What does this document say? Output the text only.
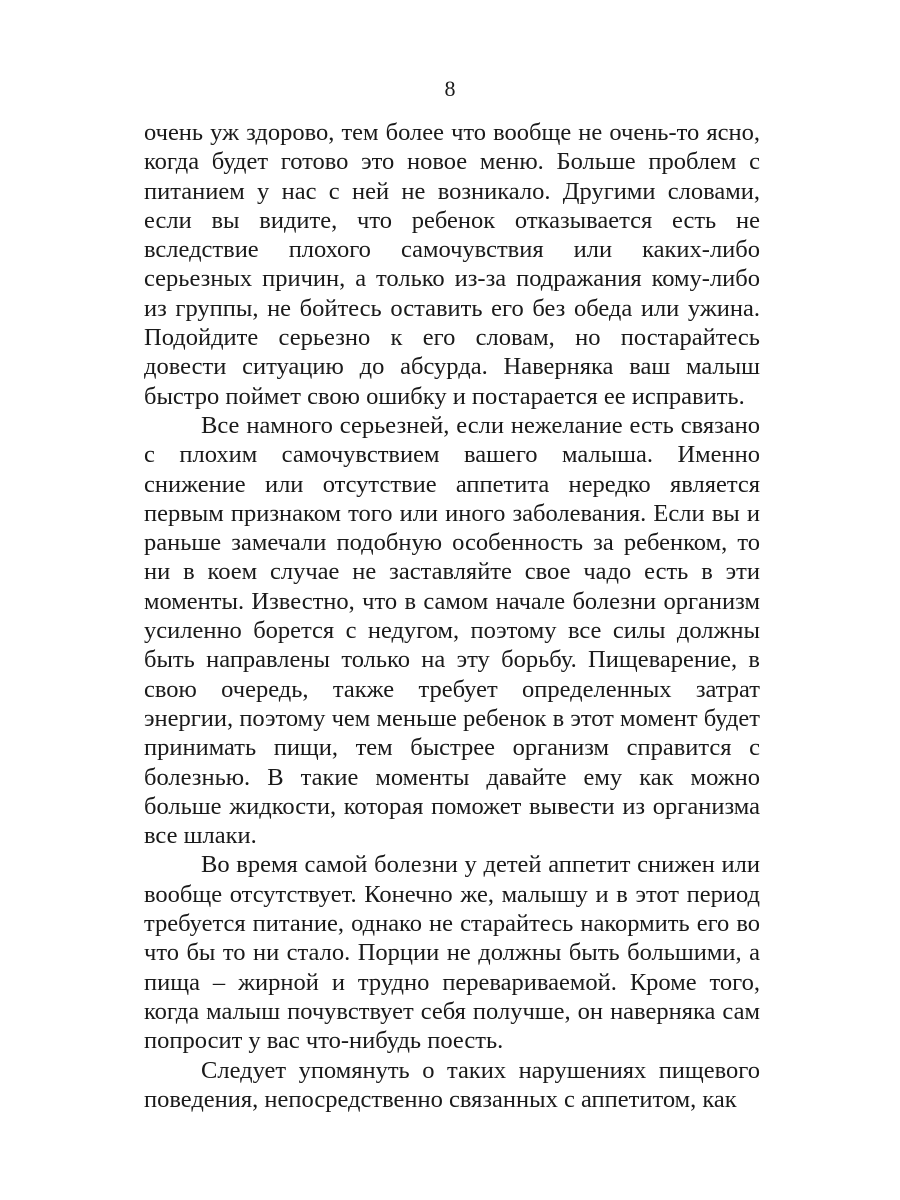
8

очень уж здорово, тем более что вообще не очень-то ясно, когда будет готово это новое меню. Больше проблем с питанием у нас с ней не возникало. Другими словами, если вы видите, что ребенок отказывается есть не вследствие плохого самочувствия или каких-либо серьезных причин, а только из-за подражания кому-либо из группы, не бойтесь оставить его без обеда или ужина. Подойдите серьезно к его словам, но постарайтесь довести ситуацию до абсурда. Наверняка ваш малыш быстро поймет свою ошибку и постарается ее исправить.

Все намного серьезней, если нежелание есть связано с плохим самочувствием вашего малыша. Именно снижение или отсутствие аппетита нередко является первым признаком того или иного заболевания. Если вы и раньше замечали подобную особенность за ребенком, то ни в коем случае не заставляйте свое чадо есть в эти моменты. Известно, что в самом начале болезни организм усиленно борется с недугом, поэтому все силы должны быть направлены только на эту борьбу. Пищеварение, в свою очередь, также требует определенных затрат энергии, поэтому чем меньше ребенок в этот момент будет принимать пищи, тем быстрее организм справится с болезнью. В такие моменты давайте ему как можно больше жидкости, которая поможет вывести из организма все шлаки.

Во время самой болезни у детей аппетит снижен или вообще отсутствует. Конечно же, малышу и в этот период требуется питание, однако не старайтесь накормить его во что бы то ни стало. Порции не должны быть большими, а пища – жирной и трудно перевариваемой. Кроме того, когда малыш почувствует себя получше, он наверняка сам попросит у вас что-нибудь поесть.

Следует упомянуть о таких нарушениях пищевого поведения, непосредственно связанных с аппетитом, как
